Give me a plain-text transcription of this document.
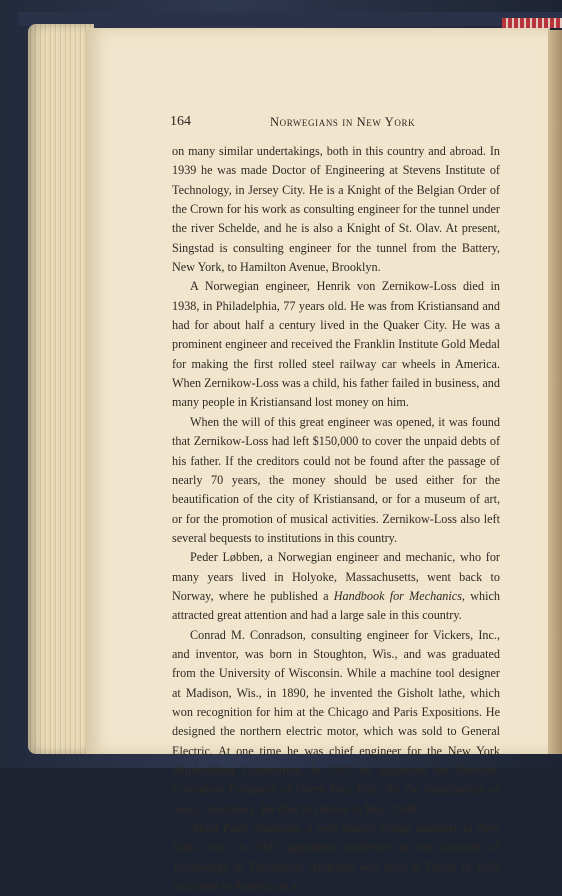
164	Norwegians in New York

on many similar undertakings, both in this country and abroad. In 1939 he was made Doctor of Engineering at Stevens Institute of Technology, in Jersey City. He is a Knight of the Belgian Order of the Crown for his work as consulting engineer for the tunnel under the river Schelde, and he is also a Knight of St. Olav. At present, Singstad is consulting engineer for the tunnel from the Battery, New York, to Hamilton Avenue, Brooklyn.

A Norwegian engineer, Henrik von Zernikow-Loss died in 1938, in Philadelphia, 77 years old. He was from Kristiansand and had for about half a century lived in the Quaker City. He was a prominent engineer and received the Franklin Institute Gold Medal for making the first rolled steel railway car wheels in America. When Zernikow-Loss was a child, his father failed in business, and many people in Kristiansand lost money on him.

When the will of this great engineer was opened, it was found that Zernikow-Loss had left $150,000 to cover the unpaid debts of his father. If the creditors could not be found after the passage of nearly 70 years, the money should be used either for the beautification of the city of Kristiansand, or for a museum of art, or for the promotion of musical activities. Zernikow-Loss also left several bequests to institutions in this country.

Peder Løbben, a Norwegian engineer and mechanic, who for many years lived in Holyoke, Massachusetts, went back to Norway, where he published a Handbook for Mechanics, which attracted great attention and had a large sale in this country.

Conrad M. Conradson, consulting engineer for Vickers, Inc., and inventor, was born in Stoughton, Wis., and was graduated from the University of Wisconsin. While a machine tool designer at Madison, Wis., in 1890, he invented the Gisholt lathe, which won recognition for him at the Chicago and Paris Expositions. He designed the northern electric motor, which was sold to General Electric. At one time he was chief engineer for the New York Shipbuilding Corporation. In 1917 he organized the Ryerson-Conradson Company of Green Bay, Wis., for the manufacture of heavy machinery. He died in Detroit in May, 1940.

Aksel Pauli Andersen, a well known bridge engineer in New York, was in 1937 appointed professor at the Institute of Technology in Trondheim. Andersen was born at Tynset in 1892 and came to America as a
